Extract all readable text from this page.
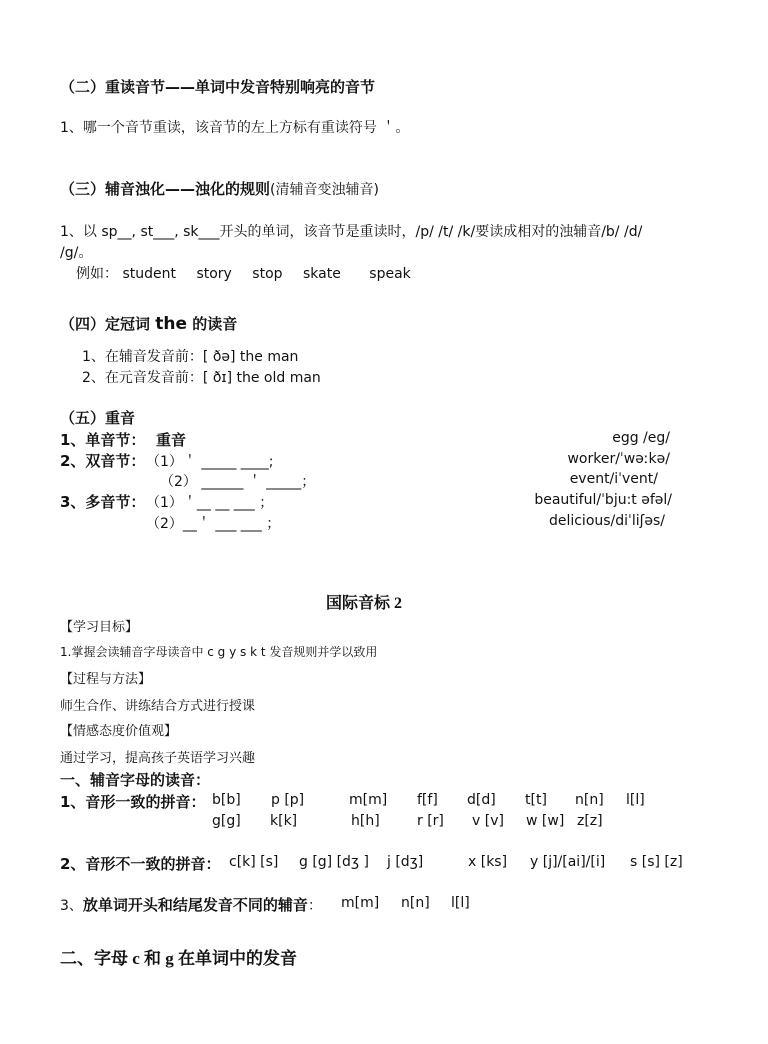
（二）重读音节——单词中发音特别响亮的音节
1、哪一个音节重读，该音节的左上方标有重读符号 ＇。
（三）辅音浊化——浊化的规则(清辅音变浊辅音)
1、以 sp__, st___, sk___开头的单词，该音节是重读时，/p/ /t/ /k/要读成相对的浊辅音/b/ /d/
/g/。
例如： student story stop skate speak
（四）定冠词 the 的读音
1、在辅音发音前：[ ðə] the man
2、在元音发音前：[ ðɪ] the old man
（五）重音
1、单音节： 重音	egg /eg/
2、双音节： （1）＇ _____ ____;	worker/ˈwəːkə/
（2） ______ ＇ _____；	event/iˈvent/
3、多音节： （1）＇__ __ ___ ；	beautiful/ˈbju:t əfəl/
（2）__＇ ___ ___ ；	delicious/diˈliʃəs/
国际音标 2
【学习目标】
1.掌握会读辅音字母读音中 c g y s k t 发音规则并学以致用
【过程与方法】
师生合作、讲练结合方式进行授课
【情感态度价值观】
通过学习，提高孩子英语学习兴趣
一、辅音字母的读音：
1、音形一致的拼音： b[b] p [p]	m[m] f[f] d[d] t[t] n[n] l[l]
g[g] k[k]	h[h]	r [r] v [v] w [w] z[z]
2、音形不一致的拼音： c[k] [s] g [g] [dʒ ] j [dʒ]	x [ks] y [j]/[ai]/[i] s [s] [z]
3、放单词开头和结尾发音不同的辅音： m[m] n[n] l[l]
二、字母 c 和 g 在单词中的发音
